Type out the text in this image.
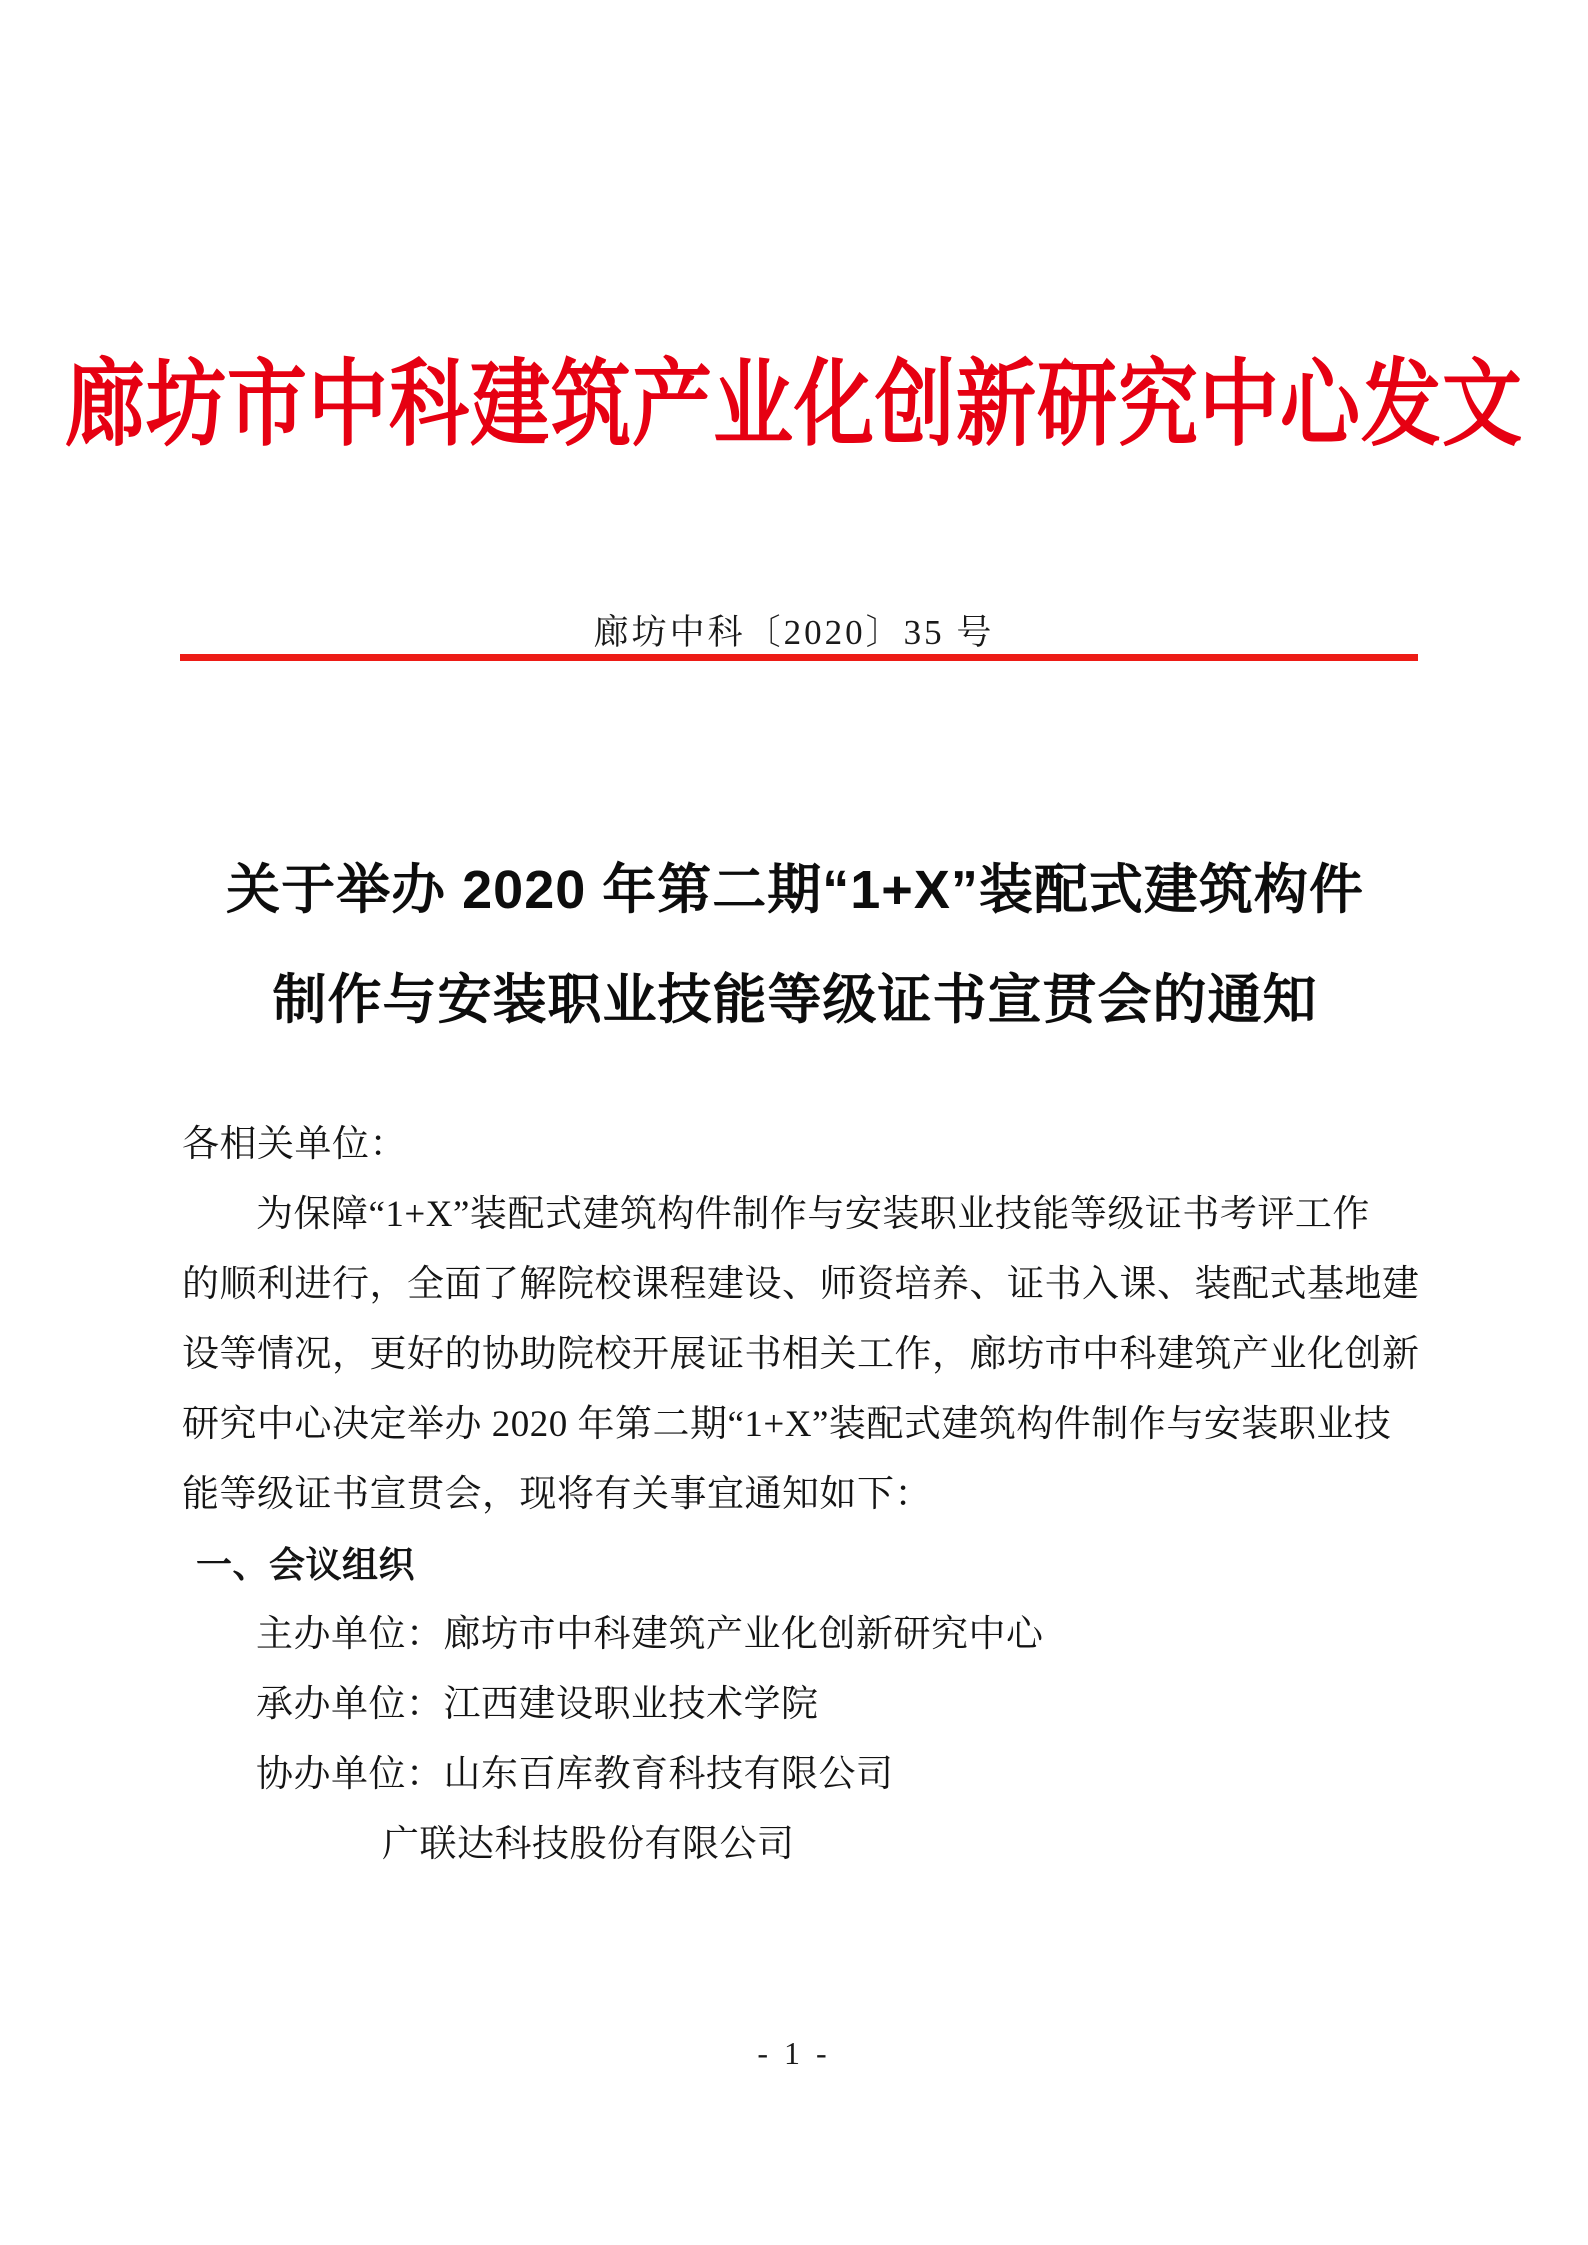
廊坊市中科建筑产业化创新研究中心发文
廊坊中科〔2020〕35 号
关于举办 2020 年第二期“1+X”装配式建筑构件
制作与安装职业技能等级证书宣贯会的通知
各相关单位：
为保障“1+X”装配式建筑构件制作与安装职业技能等级证书考评工作
的顺利进行，全面了解院校课程建设、师资培养、证书入课、装配式基地建
设等情况，更好的协助院校开展证书相关工作，廊坊市中科建筑产业化创新
研究中心决定举办 2020 年第二期“1+X”装配式建筑构件制作与安装职业技
能等级证书宣贯会，现将有关事宜通知如下：
一、会议组织
主办单位：廊坊市中科建筑产业化创新研究中心
承办单位：江西建设职业技术学院
协办单位：山东百库教育科技有限公司
广联达科技股份有限公司
- 1 -
